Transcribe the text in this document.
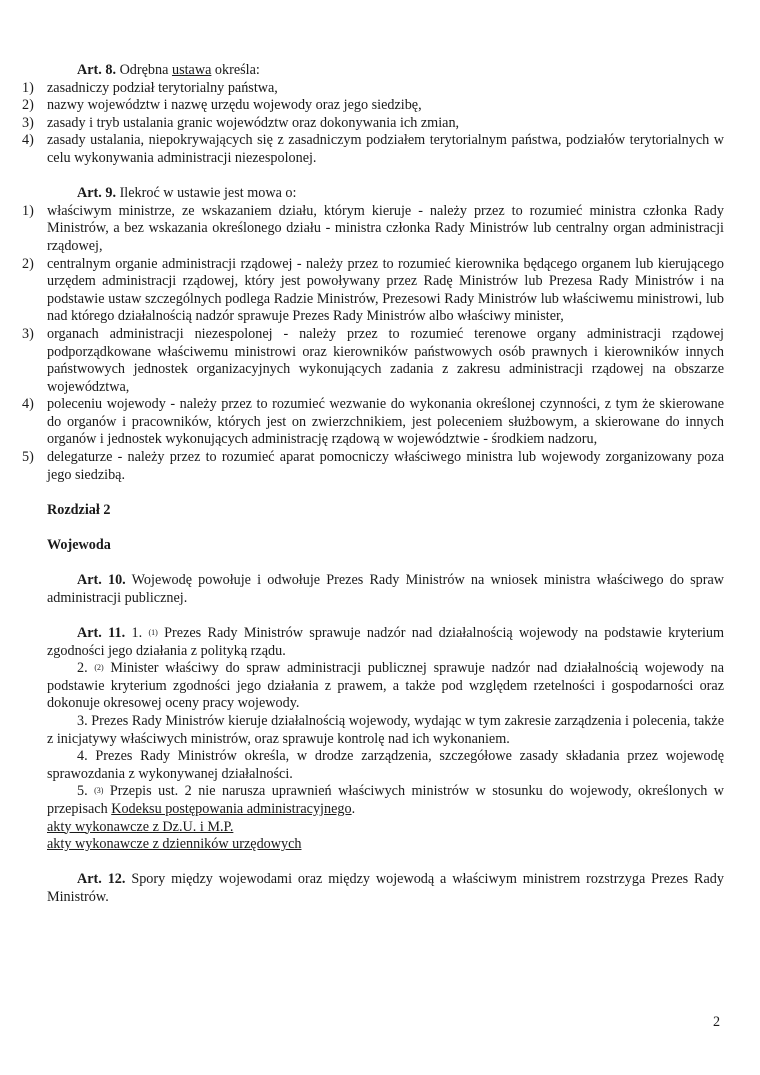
Art. 8. Odrębna ustawa określa:

1) zasadniczy podział terytorialny państwa,
2) nazwy województw i nazwę urzędu wojewody oraz jego siedzibę,
3) zasady i tryb ustalania granic województw oraz dokonywania ich zmian,
4) zasady ustalania, niepokrywających się z zasadniczym podziałem terytorialnym państwa, podziałów terytorialnych w celu wykonywania administracji niezespolonej.

Art. 9. Ilekroć w ustawie jest mowa o:

1) właściwym ministrze, ze wskazaniem działu, którym kieruje - należy przez to rozumieć ministra członka Rady Ministrów, a bez wskazania określonego działu - ministra członka Rady Ministrów lub centralny organ administracji rządowej,
2) centralnym organie administracji rządowej - należy przez to rozumieć kierownika będącego organem lub kierującego urzędem administracji rządowej, który jest powoływany przez Radę Ministrów lub Prezesa Rady Ministrów i na podstawie ustaw szczególnych podlega Radzie Ministrów, Prezesowi Rady Ministrów lub właściwemu ministrowi, lub nad którego działalnością nadzór sprawuje Prezes Rady Ministrów albo właściwy minister,
3) organach administracji niezespolonej - należy przez to rozumieć terenowe organy administracji rządowej podporządkowane właściwemu ministrowi oraz kierowników państwowych osób prawnych i kierowników innych państwowych jednostek organizacyjnych wykonujących zadania z zakresu administracji rządowej na obszarze województwa,
4) poleceniu wojewody - należy przez to rozumieć wezwanie do wykonania określonej czynności, z tym że skierowane do organów i pracowników, których jest on zwierzchnikiem, jest poleceniem służbowym, a skierowane do innych organów i jednostek wykonujących administrację rządową w województwie - środkiem nadzoru,
5) delegaturze - należy przez to rozumieć aparat pomocniczy właściwego ministra lub wojewody zorganizowany poza jego siedzibą.

Rozdział 2

Wojewoda

Art. 10. Wojewodę powołuje i odwołuje Prezes Rady Ministrów na wniosek ministra właściwego do spraw administracji publicznej.

Art. 11. 1. $^{(1)}$ Prezes Rady Ministrów sprawuje nadzór nad działalnością wojewody na podstawie kryterium zgodności jego działania z polityką rządu.

2. $^{(2)}$ Minister właściwy do spraw administracji publicznej sprawuje nadzór nad działalnością wojewody na podstawie kryterium zgodności jego działania z prawem, a także pod względem rzetelności i gospodarności oraz dokonuje okresowej oceny pracy wojewody.

3. Prezes Rady Ministrów kieruje działalnością wojewody, wydając w tym zakresie zarządzenia i polecenia, także z inicjatywy właściwych ministrów, oraz sprawuje kontrolę nad ich wykonaniem.

4. Prezes Rady Ministrów określa, w drodze zarządzenia, szczegółowe zasady składania przez wojewodę sprawozdania z wykonywanej działalności.

5. $^{(3)}$ Przepis ust. 2 nie narusza uprawnień właściwych ministrów w stosunku do wojewody, określonych w przepisach Kodeksu postępowania administracyjnego.

akty wykonawcze z Dz.U. i M.P.

akty wykonawcze z dzienników urzędowych

Art. 12. Spory między wojewodami oraz między wojewodą a właściwym ministrem rozstrzyga Prezes Rady Ministrów.

2
